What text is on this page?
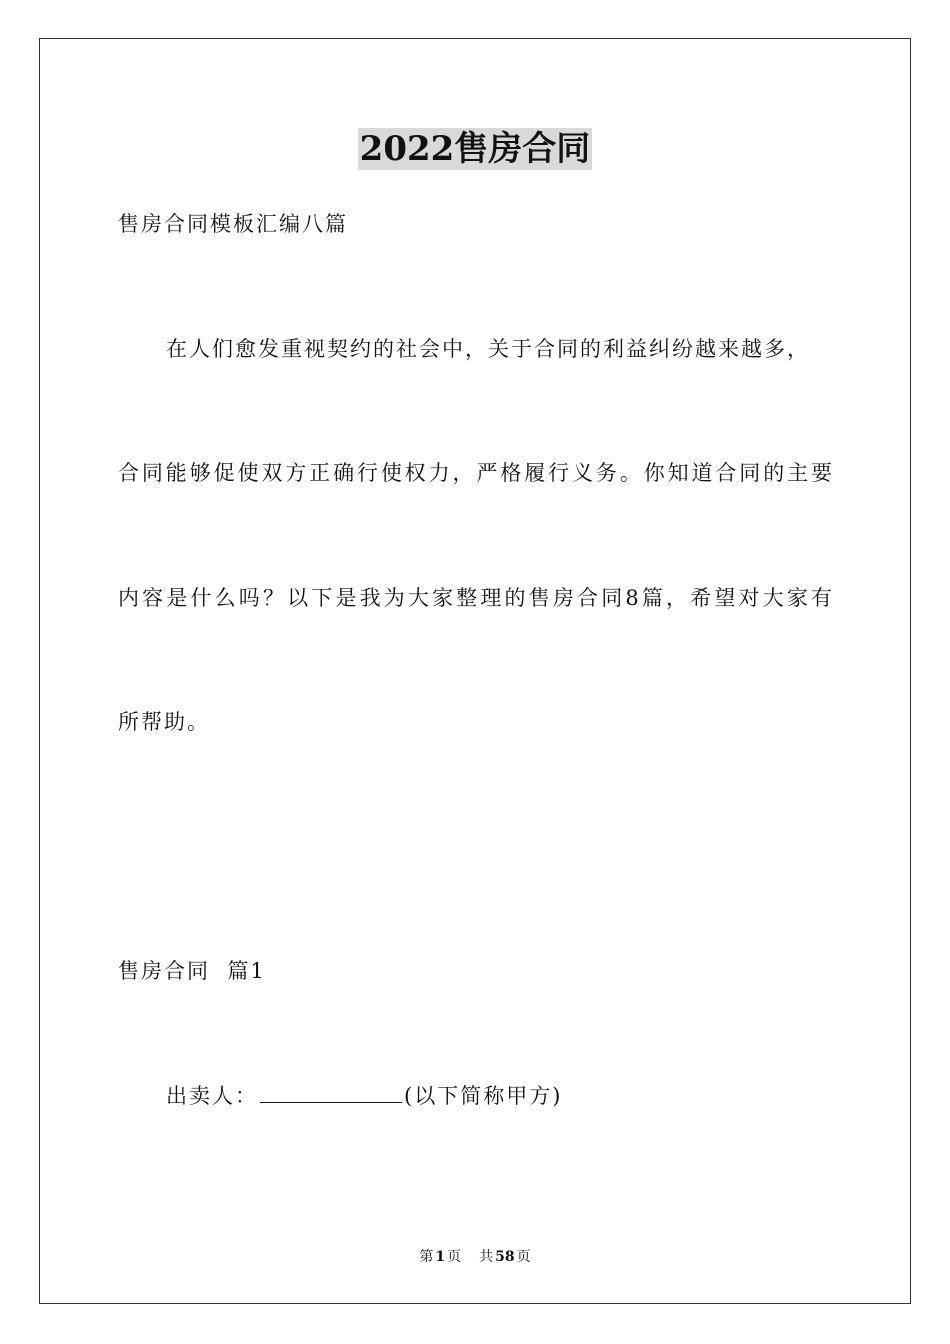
2022售房合同
售房合同模板汇编八篇
在人们愈发重视契约的社会中，关于合同的利益纠纷越来越多，
合同能够促使双方正确行使权力，严格履行义务。你知道合同的主要
内容是什么吗？以下是我为大家整理的售房合同8篇，希望对大家有
所帮助。
售房合同  篇1
出卖人：	(以下简称甲方)
第 1 页 共 58 页
